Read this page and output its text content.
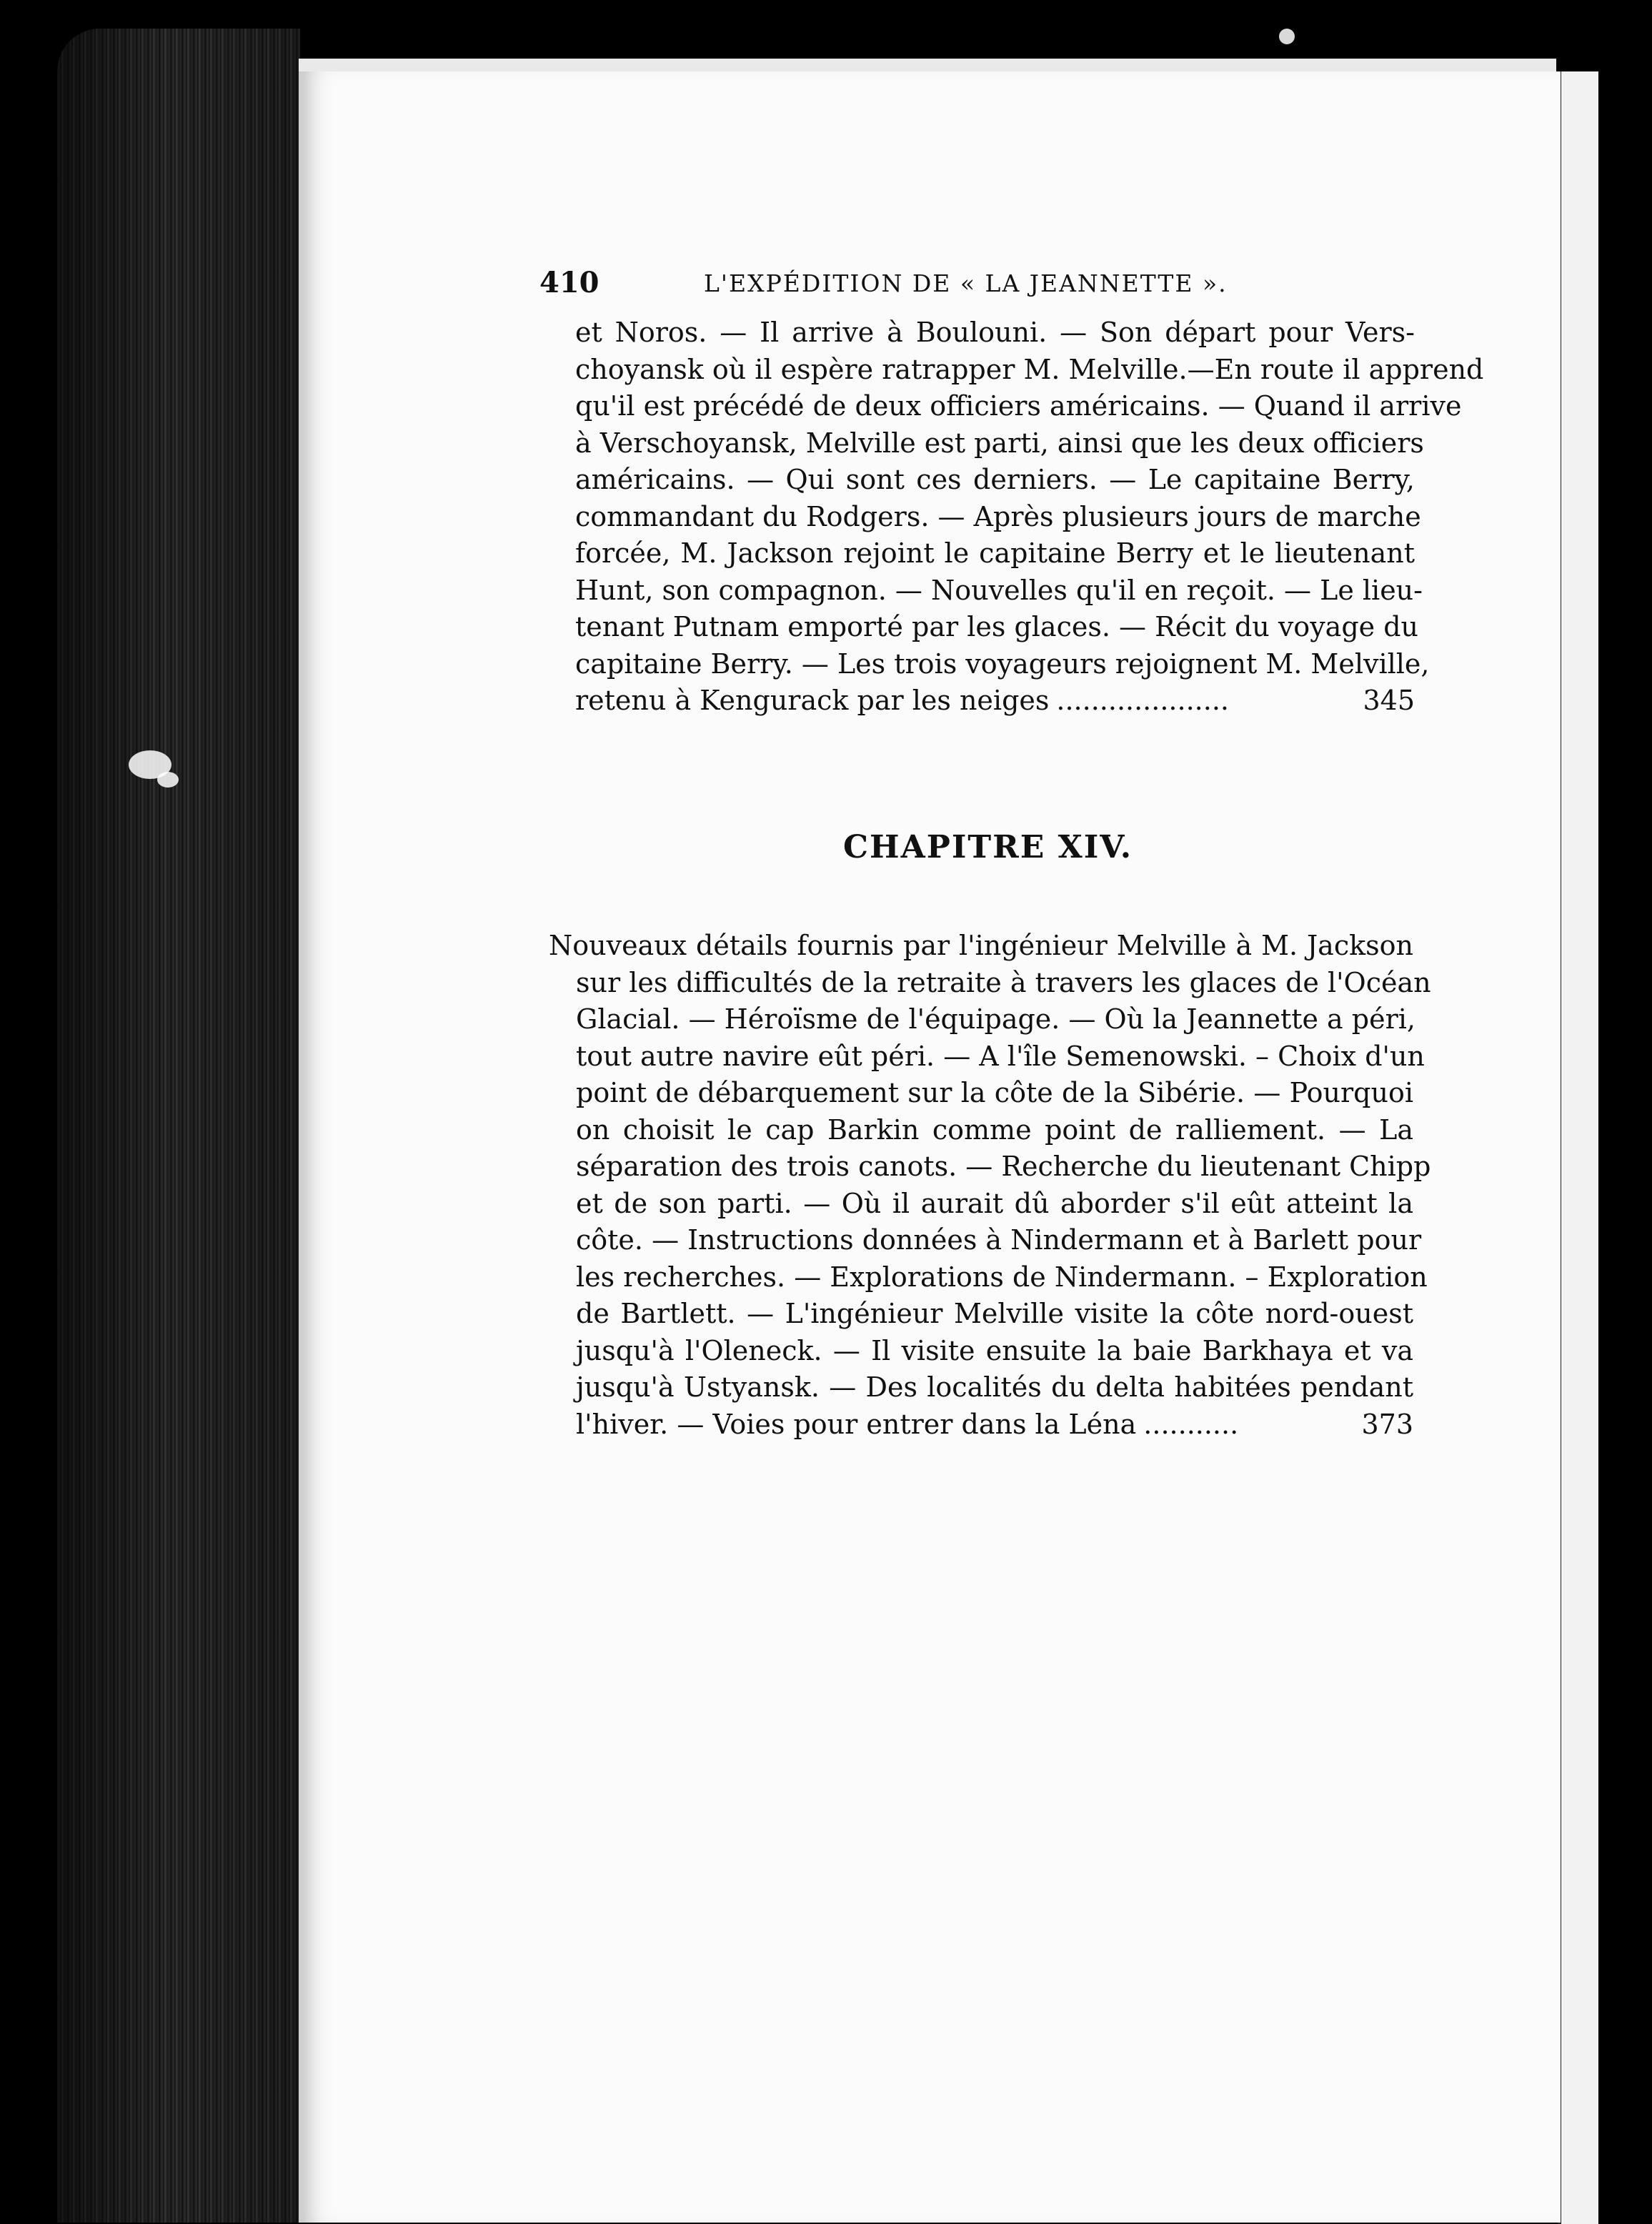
410	L'EXPÉDITION DE « LA JEANNETTE ».
et Noros. — Il arrive à Boulouni. — Son départ pour Vers-
choyansk où il espère ratrapper M. Melville.—En route il apprend
qu'il est précédé de deux officiers américains. — Quand il arrive
à Verschoyansk, Melville est parti, ainsi que les deux officiers
américains. — Qui sont ces derniers. — Le capitaine Berry,
commandant du Rodgers. — Après plusieurs jours de marche
forcée, M. Jackson rejoint le capitaine Berry et le lieutenant
Hunt, son compagnon. — Nouvelles qu'il en reçoit. — Le lieu-
tenant Putnam emporté par les glaces. — Récit du voyage du
capitaine Berry. — Les trois voyageurs rejoignent M. Melville,
retenu à Kengurack par les neiges ....................	345
CHAPITRE XIV.
Nouveaux détails fournis par l'ingénieur Melville à M. Jackson
sur les difficultés de la retraite à travers les glaces de l'Océan
Glacial. — Héroïsme de l'équipage. — Où la Jeannette a péri,
tout autre navire eût péri. — A l'île Semenowski. – Choix d'un
point de débarquement sur la côte de la Sibérie. — Pourquoi
on choisit le cap Barkin comme point de ralliement. — La
séparation des trois canots. — Recherche du lieutenant Chipp
et de son parti. — Où il aurait dû aborder s'il eût atteint la
côte. — Instructions données à Nindermann et à Barlett pour
les recherches. — Explorations de Nindermann. – Exploration
de Bartlett. — L'ingénieur Melville visite la côte nord-ouest
jusqu'à l'Oleneck. — Il visite ensuite la baie Barkhaya et va
jusqu'à Ustyansk. — Des localités du delta habitées pendant
l'hiver. — Voies pour entrer dans la Léna ...........	373
